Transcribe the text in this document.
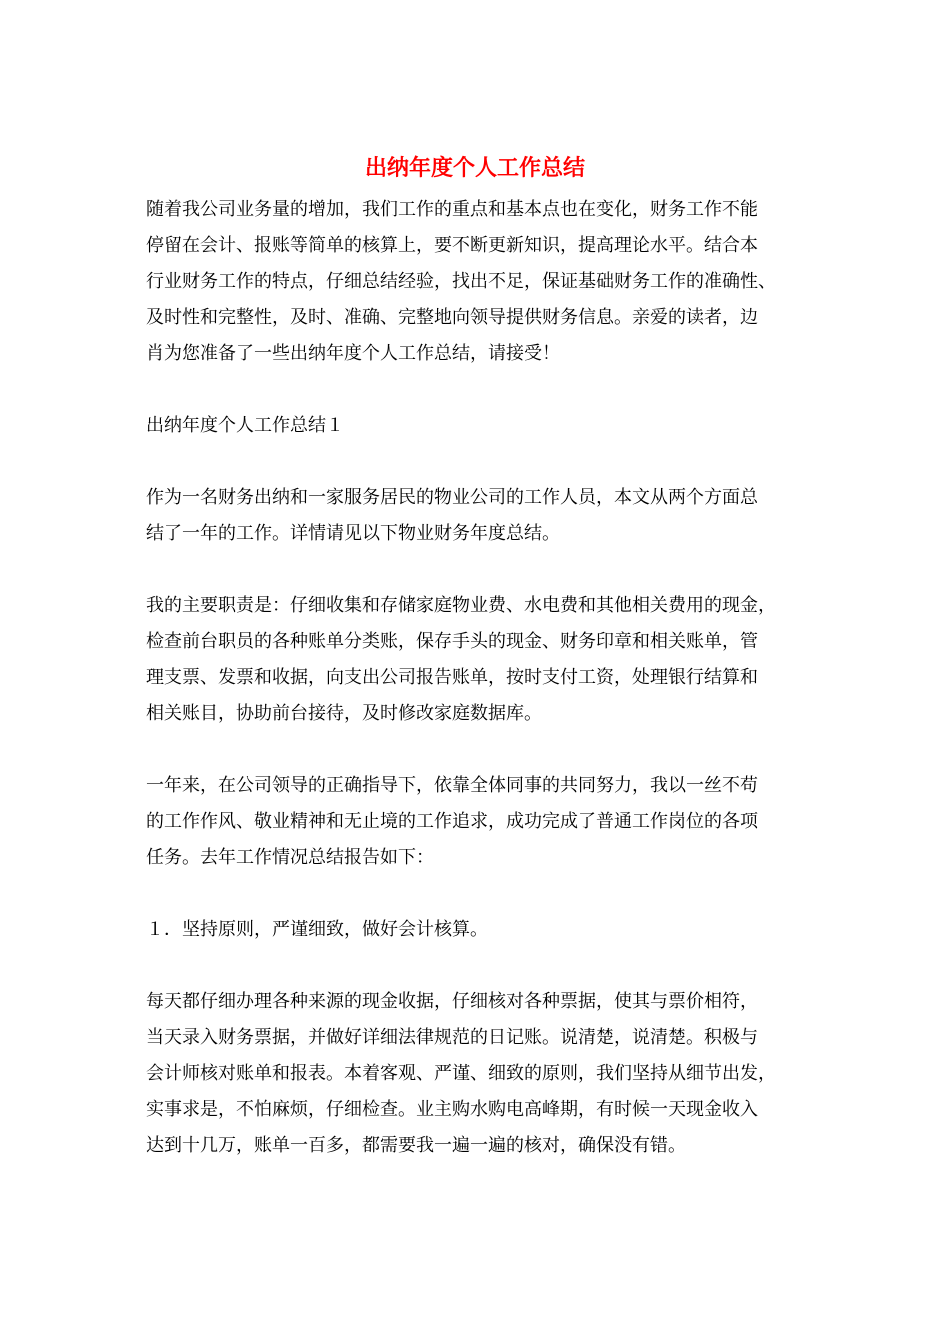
出纳年度个人工作总结

随着我公司业务量的增加，我们工作的重点和基本点也在变化，财务工作不能
停留在会计、报账等简单的核算上，要不断更新知识，提高理论水平。结合本
行业财务工作的特点，仔细总结经验，找出不足，保证基础财务工作的准确性、
及时性和完整性，及时、准确、完整地向领导提供财务信息。亲爱的读者，边
肖为您准备了一些出纳年度个人工作总结，请接受！

出纳年度个人工作总结１

作为一名财务出纳和一家服务居民的物业公司的工作人员，本文从两个方面总
结了一年的工作。详情请见以下物业财务年度总结。

我的主要职责是：仔细收集和存储家庭物业费、水电费和其他相关费用的现金，
检查前台职员的各种账单分类账，保存手头的现金、财务印章和相关账单，管
理支票、发票和收据，向支出公司报告账单，按时支付工资，处理银行结算和
相关账目，协助前台接待，及时修改家庭数据库。

一年来，在公司领导的正确指导下，依靠全体同事的共同努力，我以一丝不苟
的工作作风、敬业精神和无止境的工作追求，成功完成了普通工作岗位的各项
任务。去年工作情况总结报告如下：

１．坚持原则，严谨细致，做好会计核算。

每天都仔细办理各种来源的现金收据，仔细核对各种票据，使其与票价相符，
当天录入财务票据，并做好详细法律规范的日记账。说清楚，说清楚。积极与
会计师核对账单和报表。本着客观、严谨、细致的原则，我们坚持从细节出发，
实事求是，不怕麻烦，仔细检查。业主购水购电高峰期，有时候一天现金收入
达到十几万，账单一百多，都需要我一遍一遍的核对，确保没有错。
